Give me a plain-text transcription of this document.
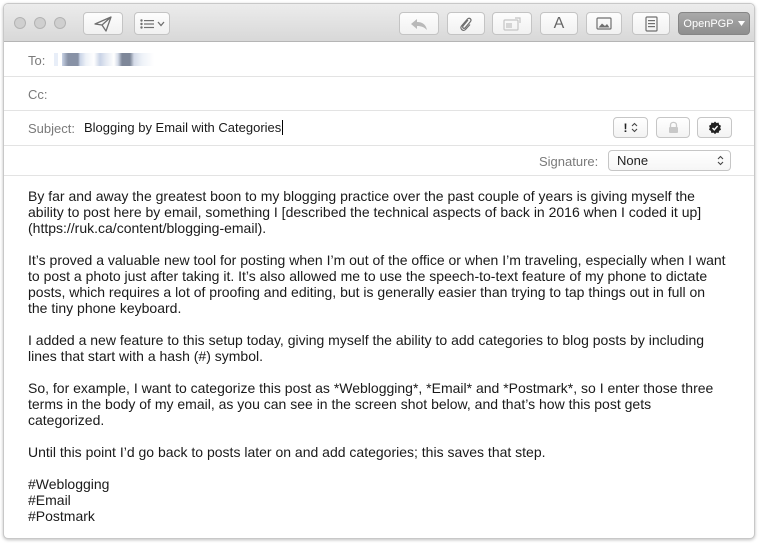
A	OpenPGP
To:
Cc:
Subject: Blogging by Email with Categories	!
Signature:	None

By far and away the greatest boon to my blogging practice over the past couple of years is giving myself the ability to post here by email, something I [described the technical aspects of back in 2016 when I coded it up](https://ruk.ca/content/blogging-email).

It’s proved a valuable new tool for posting when I’m out of the office or when I’m traveling, especially when I want to post a photo just after taking it. It’s also allowed me to use the speech-to-text feature of my phone to dictate posts, which requires a lot of proofing and editing, but is generally easier than trying to tap things out in full on the tiny phone keyboard.

I added a new feature to this setup today, giving myself the ability to add categories to blog posts by including lines that start with a hash (#) symbol.

So, for example, I want to categorize this post as *Weblogging*, *Email* and *Postmark*, so I enter those three terms in the body of my email, as you can see in the screen shot below, and that’s how this post gets categorized.

Until this point I’d go back to posts later on and add categories; this saves that step.

#Weblogging
#Email
#Postmark
